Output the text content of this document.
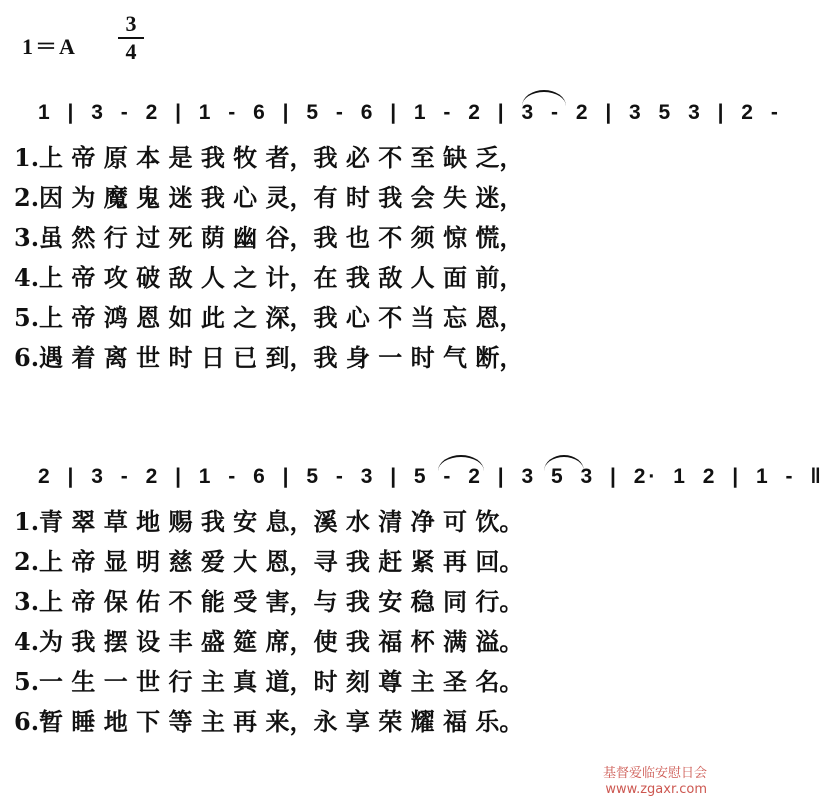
1＝A
3
4
1 | 3 - 2 | 1 - 6 | 5 - 6 | 1 - 2 | 3 - 2 | 3 5 3 | 2 -
1.上 帝 原 本 是 我 牧 者，我 必 不 至 缺 乏，
2.因 为 魔 鬼 迷 我 心 灵，有 时 我 会 失 迷，
3.虽 然 行 过 死 荫 幽 谷，我 也 不 须 惊 慌，
4.上 帝 攻 破 敌 人 之 计，在 我 敌 人 面 前，
5.上 帝 鸿 恩 如 此 之 深，我 心 不 当 忘 恩，
6.遇 着 离 世 时 日 已 到，我 身 一 时 气 断，
2 | 3 - 2 | 1 - 6 | 5 - 3 | 5 - 2 | 3 5 3 | 2· 1 2 | 1 - ‖
1.青 翠 草 地 赐 我 安 息，溪 水 清 净 可 饮。
2.上 帝 显 明 慈 爱 大 恩，寻 我 赶 紧 再 回。
3.上 帝 保 佑 不 能 受 害，与 我 安 稳 同 行。
4.为 我 摆 设 丰 盛 筵 席，使 我 福 杯 满 溢。
5.一 生 一 世 行 主 真 道，时 刻 尊 主 圣 名。
6.暂 睡 地 下 等 主 再 来，永 享 荣 耀 福 乐。
基督爱临安慰日会
www.zgaxr.com
